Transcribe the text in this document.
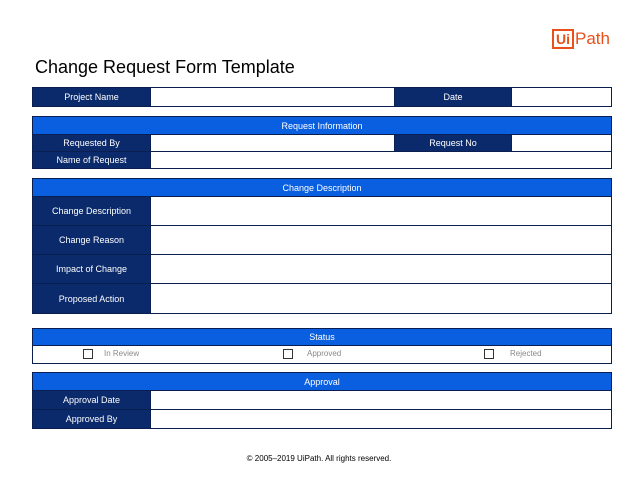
Ui Path
Change Request Form Template
Project Name	Date
Request Information
Requested By	Request No
Name of Request
Change Description
Change Description
Change Reason
Impact of Change
Proposed Action
Status
In Review	Approved	Rejected
Approval
Approval Date
Approved By
© 2005–2019 UiPath. All rights reserved.
